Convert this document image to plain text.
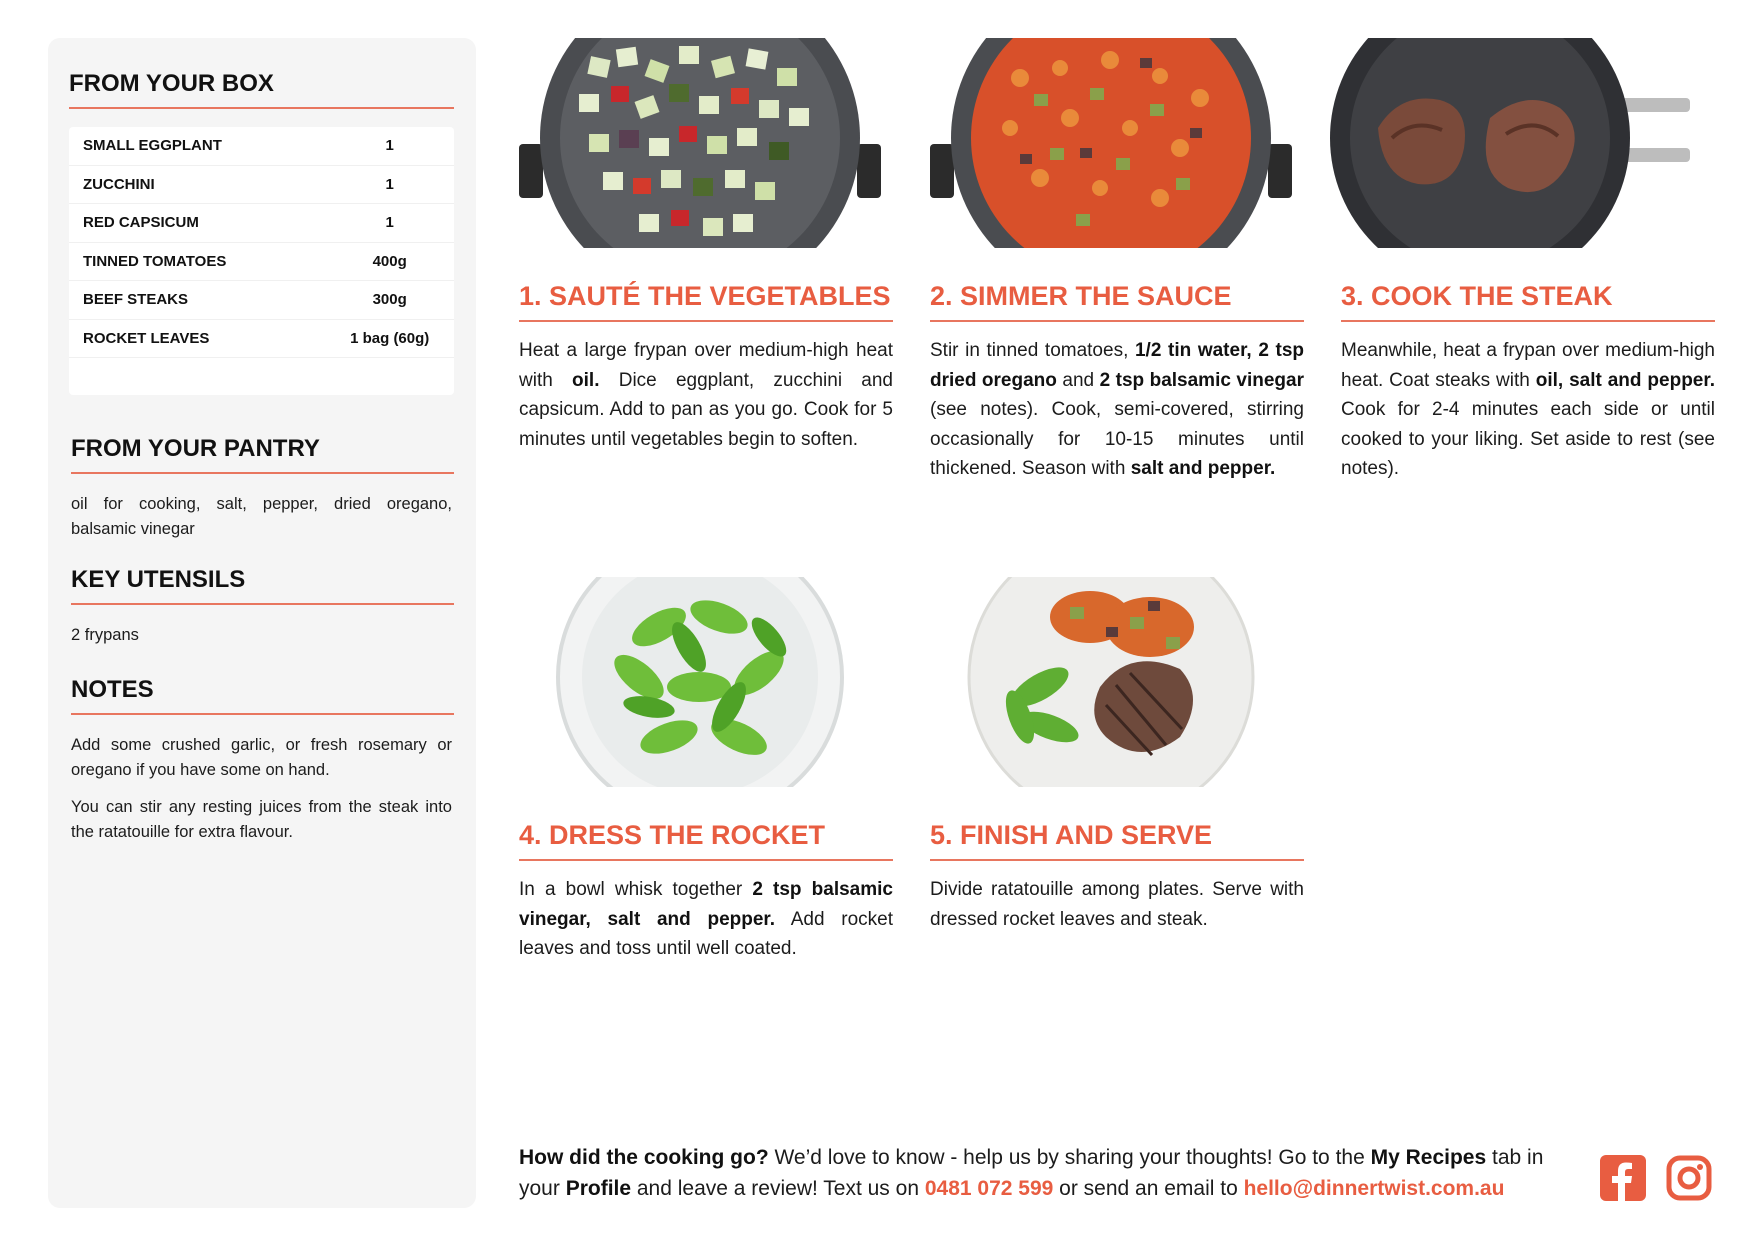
FROM YOUR BOX
SMALL EGGPLANT	1
ZUCCHINI	1
RED CAPSICUM	1
TINNED TOMATOES	400g
BEEF STEAKS	300g
ROCKET LEAVES	1 bag (60g)
FROM YOUR PANTRY
oil for cooking, salt, pepper, dried oregano, balsamic vinegar
KEY UTENSILS
2 frypans
NOTES
Add some crushed garlic, or fresh rosemary or oregano if you have some on hand.
You can stir any resting juices from the steak into the ratatouille for extra flavour.
1. SAUTÉ THE VEGETABLES
Heat a large frypan over medium-high heat with oil. Dice eggplant, zucchini and capsicum. Add to pan as you go. Cook for 5 minutes until vegetables begin to soften.
2. SIMMER THE SAUCE
Stir in tinned tomatoes, 1/2 tin water, 2 tsp dried oregano and 2 tsp balsamic vinegar (see notes). Cook, semi-covered, stirring occasionally for 10-15 minutes until thickened. Season with salt and pepper.
3. COOK THE STEAK
Meanwhile, heat a frypan over medium-high heat. Coat steaks with oil, salt and pepper. Cook for 2-4 minutes each side or until cooked to your liking. Set aside to rest (see notes).
4. DRESS THE ROCKET
In a bowl whisk together 2 tsp balsamic vinegar, salt and pepper. Add rocket leaves and toss until well coated.
5. FINISH AND SERVE
Divide ratatouille among plates. Serve with dressed rocket leaves and steak.
How did the cooking go? We’d love to know - help us by sharing your thoughts! Go to the My Recipes tab in your Profile and leave a review! Text us on 0481 072 599 or send an email to hello@dinnertwist.com.au
